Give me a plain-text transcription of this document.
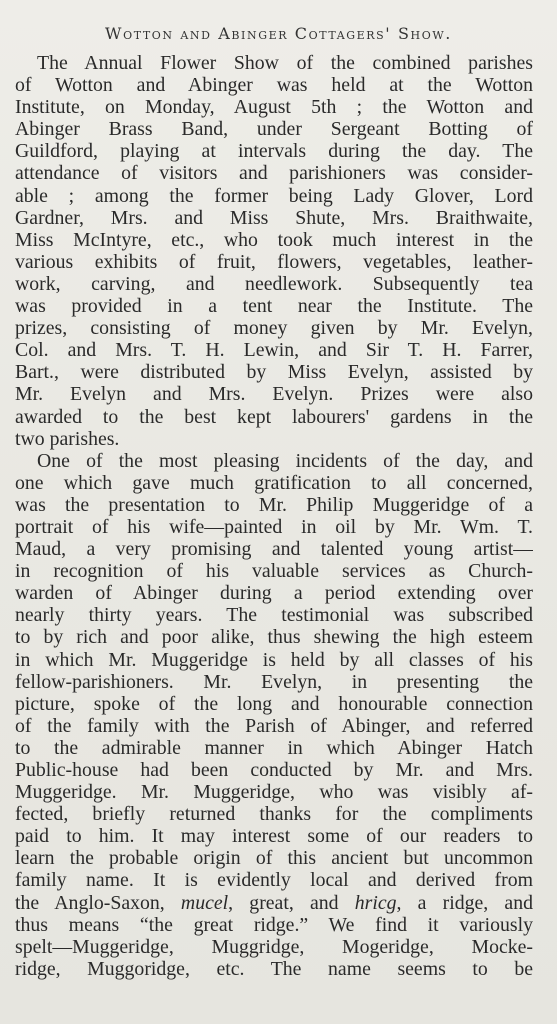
Wotton and Abinger Cottagers' Show.
The Annual Flower Show of the combined parishes
of Wotton and Abinger was held at the Wotton
Institute, on Monday, August 5th ; the Wotton and
Abinger Brass Band, under Sergeant Botting of
Guildford, playing at intervals during the day. The
attendance of visitors and parishioners was consider-
able ; among the former being Lady Glover, Lord
Gardner, Mrs. and Miss Shute, Mrs. Braithwaite,
Miss McIntyre, etc., who took much interest in the
various exhibits of fruit, flowers, vegetables, leather-
work, carving, and needlework. Subsequently tea
was provided in a tent near the Institute. The
prizes, consisting of money given by Mr. Evelyn,
Col. and Mrs. T. H. Lewin, and Sir T. H. Farrer,
Bart., were distributed by Miss Evelyn, assisted by
Mr. Evelyn and Mrs. Evelyn. Prizes were also
awarded to the best kept labourers' gardens in the
two parishes.
One of the most pleasing incidents of the day, and
one which gave much gratification to all concerned,
was the presentation to Mr. Philip Muggeridge of a
portrait of his wife—painted in oil by Mr. Wm. T.
Maud, a very promising and talented young artist—
in recognition of his valuable services as Church-
warden of Abinger during a period extending over
nearly thirty years. The testimonial was subscribed
to by rich and poor alike, thus shewing the high esteem
in which Mr. Muggeridge is held by all classes of his
fellow-parishioners. Mr. Evelyn, in presenting the
picture, spoke of the long and honourable connection
of the family with the Parish of Abinger, and referred
to the admirable manner in which Abinger Hatch
Public-house had been conducted by Mr. and Mrs.
Muggeridge. Mr. Muggeridge, who was visibly af-
fected, briefly returned thanks for the compliments
paid to him. It may interest some of our readers to
learn the probable origin of this ancient but uncommon
family name. It is evidently local and derived from
the Anglo-Saxon, mucel, great, and hricg, a ridge, and
thus means “the great ridge.” We find it variously
spelt—Muggeridge, Muggridge, Mogeridge, Mocke-
ridge, Muggoridge, etc. The name seems to be
